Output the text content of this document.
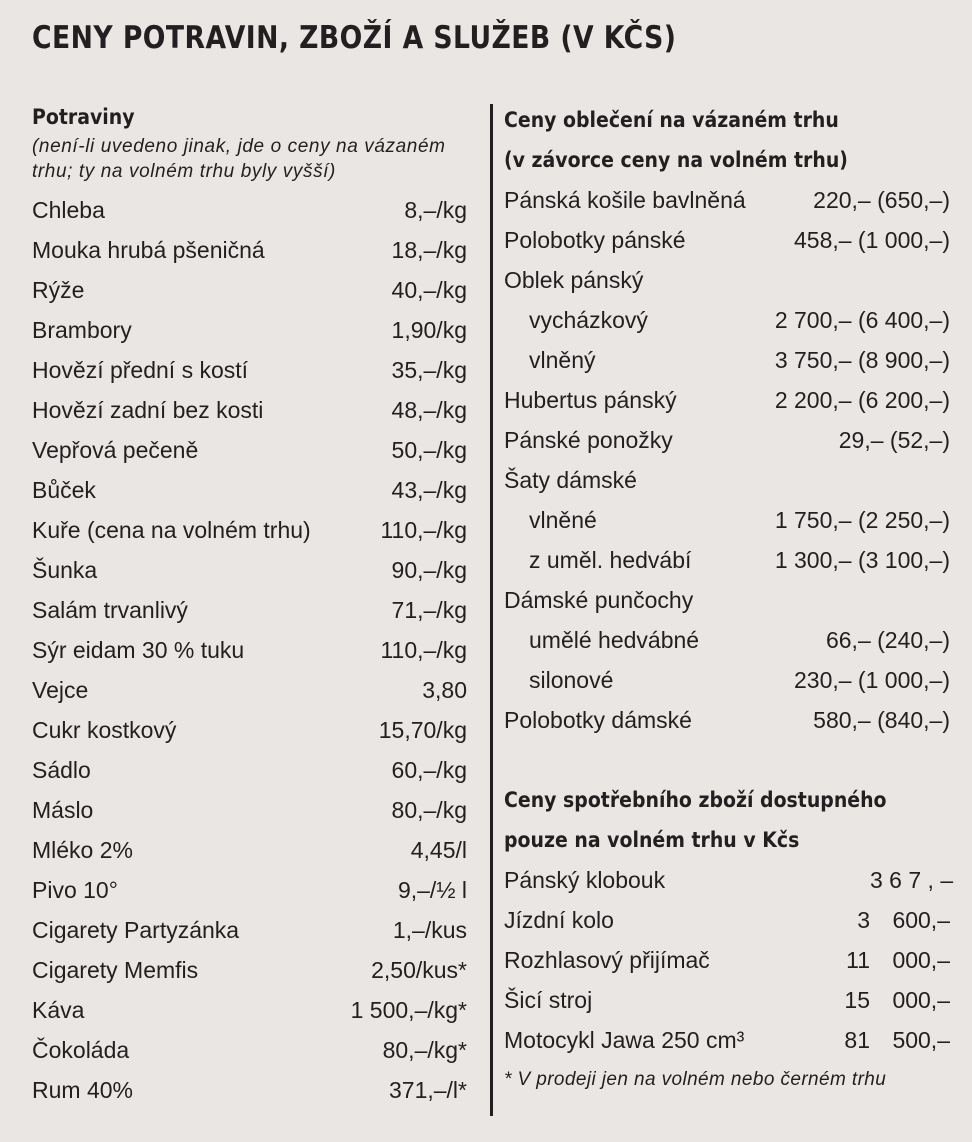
CENY POTRAVIN, ZBOŽÍ A SLUŽEB (V KČS)
Potraviny
(není-li uvedeno jinak, jde o ceny na vázaném
trhu; ty na volném trhu byly vyšší)
Chleba	8,–/kg
Mouka hrubá pšeničná	18,–/kg
Rýže	40,–/kg
Brambory	1,90/kg
Hovězí přední s kostí	35,–/kg
Hovězí zadní bez kosti	48,–/kg
Vepřová pečeně	50,–/kg
Bůček	43,–/kg
Kuře (cena na volném trhu)	110,–/kg
Šunka	90,–/kg
Salám trvanlivý	71,–/kg
Sýr eidam 30 % tuku	110,–/kg
Vejce	3,80
Cukr kostkový	15,70/kg
Sádlo	60,–/kg
Máslo	80,–/kg
Mléko 2%	4,45/l
Pivo 10°	9,–/½ l
Cigarety Partyzánka	1,–/kus
Cigarety Memfis	2,50/kus*
Káva	1 500,–/kg*
Čokoláda	80,–/kg*
Rum 40%	371,–/l*
Ceny oblečení na vázaném trhu
(v závorce ceny na volném trhu)
Pánská košile bavlněná	220,– (650,–)
Polobotky pánské	458,– (1 000,–)
Oblek pánský
vycházkový	2 700,– (6 400,–)
vlněný	3 750,– (8 900,–)
Hubertus pánský	2 200,– (6 200,–)
Pánské ponožky	29,– (52,–)
Šaty dámské
vlněné	1 750,– (2 250,–)
z uměl. hedvábí	1 300,– (3 100,–)
Dámské punčochy
umělé hedvábné	66,– (240,–)
silonové	230,– (1 000,–)
Polobotky dámské	580,– (840,–)
Ceny spotřebního zboží dostupného
pouze na volném trhu v Kčs
Pánský klobouk	3 6 7 , –
Jízdní kolo	3 600,–
Rozhlasový přijímač	11 000,–
Šicí stroj	15 000,–
Motocykl Jawa 250 cm³	81 500,–
* V prodeji jen na volném nebo černém trhu
